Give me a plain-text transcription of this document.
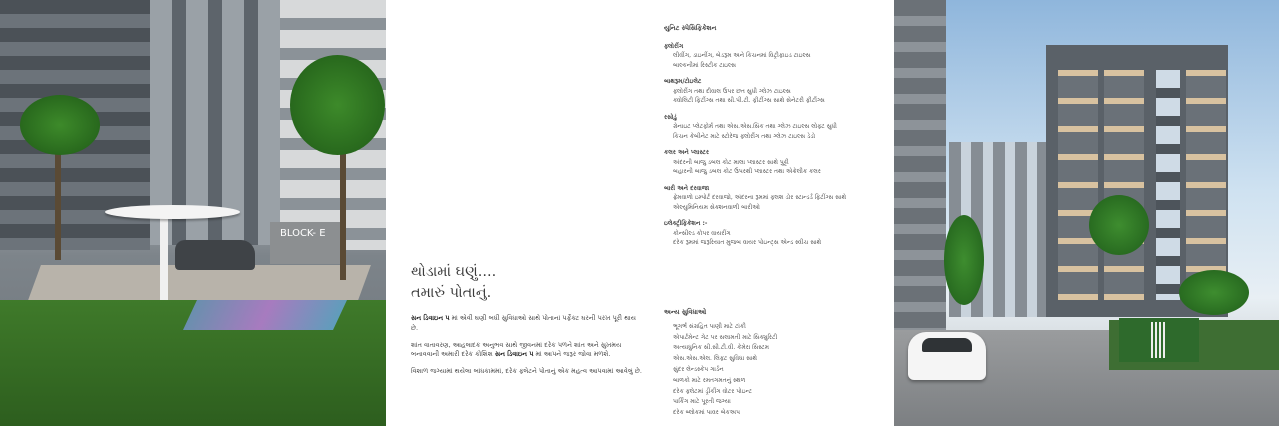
BLOCK- E
થોડામાં ઘણું....
તમારું પોતાનું.

સન ડિવાઇન ૫ માં એવી ઘણી બધી સુવિધાઓ સાથે પોતાનાં પર્ફેક્ટ ઘરની પરખ પૂરી થાય છે.

શાંત વાતાવરણ, આહલાદક અનુભવ સાથે જીવનમાં દરેક પળને શાંત અને સુખમય બનાવવાની અમારી દરેક કોશિશ સન ડિવાઇન ૫ માં આપને જરૂર જોવા મળશે.

વિશાળ જગ્યામાં થયેલા બાંધકામમાં, દરેક ફ્લેટને પોતાનું એક મહત્વ આપવામાં આવેલું છે.

યુનિટ સ્પેસિફિકેશન
ફ્લોરીંગ
લીવીંગ, ડાઇનીંગ, બેડરૂમ અને કિચનમાં વિટ્રીફાઇડ ટાઇલ્સ
બાલ્કનીમાં રિસ્ટીક ટાઇલ્સ
બાથરૂમ/ટોઇલેટ
ફ્લોરીંગ તથા દીવાલ ઉપર છત સુધી ગ્લેઝ ટાઇલ્સ
ક્વોલિટી ફિટીંગ્સ તથા સી.પી.ટી. ફીટીંગ્સ સાથે સેનેટરી ફીટીંગ્સ
રસોડું
ગ્રેનાઇટ પ્લેટફોર્મ તથા એસ.એસ.સિંક તથા ગ્લેઝ ટાઇલ્સ લોફ્ટ સુધી
કિચન કેબીનેટ માટે સ્ટોરેજ ફ્લોરીંગ તથા ગ્લેઝ ટાઇલ્સ ડેડો
કલર અને પ્લાસ્ટર
અંદરની બાજુ ડબલ કોટ માલા પ્લાસ્ટર સાથે પુટ્ટી
બહારની બાજુ ડબલ કોટ ઉપરથી પ્લાસ્ટર તથા એક્રેલીક કલર
બારી અને દરવાજા
ફ્રેમવાળો ઇમ્પોર્ટ દરવાજો, અંદરના રૂમમાં ફ્લશ ડોર સ્ટાન્ડર્ડ ફિટીંગ્સ સાથે
એલ્યુમિનિયમ સેક્શનવાળી બારીઓ
ઇલેક્ટ્રીફિકેશન :-
કોન્સીલ્ડ કોપર વાયરીંગ
દરેક રૂમમાં જરૂરિયાત મુજબ વાયર પોઇન્ટ્સ એન્ડ સ્વીચ સાથે
અન્ય સુવિધાઓ
ભૂગર્ભ સંગ્રહિત પાણી માટે ટાંકી
એપાર્ટમેન્ટ ગેટ પર સલામતી માટે સિક્યુરિટી
અત્યાધુનિક સી.સી.ટી.વી. કેમેરા સિસ્ટમ
એસ.એસ.એલ. લિફ્ટ સુવિધા સાથે
સુંદર લેન્ડસ્કેપ ગાર્ડન
બાળકો માટે રમતગમતનું સ્થળ
દરેક ફ્લેટમાં ડ્રીંકીંગ વોટર પોઇન્ટ
પાર્કિંગ માટે પૂરતી જગ્યા
દરેક બ્લોકમાં પાવર બેકઅપ
